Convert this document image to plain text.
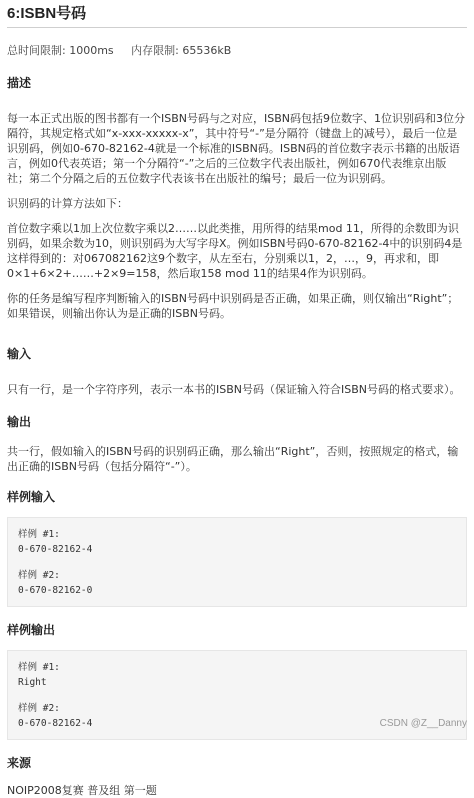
6:ISBN号码
总时间限制: 1000ms 内存限制: 65536kB
描述

每一本正式出版的图书都有一个ISBN号码与之对应，ISBN码包括9位数字、1位识别码和3位分隔符，其规定格式如“x-xxx-xxxxx-x”，其中符号“-”是分隔符（键盘上的减号），最后一位是识别码，例如0-670-82162-4就是一个标准的ISBN码。ISBN码的首位数字表示书籍的出版语言，例如0代表英语；第一个分隔符“-”之后的三位数字代表出版社，例如670代表维京出版社；第二个分隔之后的五位数字代表该书在出版社的编号；最后一位为识别码。

识别码的计算方法如下：

首位数字乘以1加上次位数字乘以2……以此类推，用所得的结果mod 11，所得的余数即为识别码，如果余数为10，则识别码为大写字母X。例如ISBN号码0-670-82162-4中的识别码4是这样得到的：对067082162这9个数字，从左至右，分别乘以1，2，…，9，再求和，即0×1+6×2+……+2×9=158，然后取158 mod 11的结果4作为识别码。

你的任务是编写程序判断输入的ISBN号码中识别码是否正确，如果正确，则仅输出“Right”；如果错误，则输出你认为是正确的ISBN号码。

输入

只有一行，是一个字符序列，表示一本书的ISBN号码（保证输入符合ISBN号码的格式要求）。

输出

共一行，假如输入的ISBN号码的识别码正确，那么输出“Right”，否则，按照规定的格式，输出正确的ISBN号码（包括分隔符“-”）。

样例输入
样例 #1:
0-670-82162-4
样例 #2:
0-670-82162-0
样例输出
样例 #1:
Right
样例 #2:
0-670-82162-4
来源

NOIP2008复赛 普及组 第一题

CSDN @Z__Danny
